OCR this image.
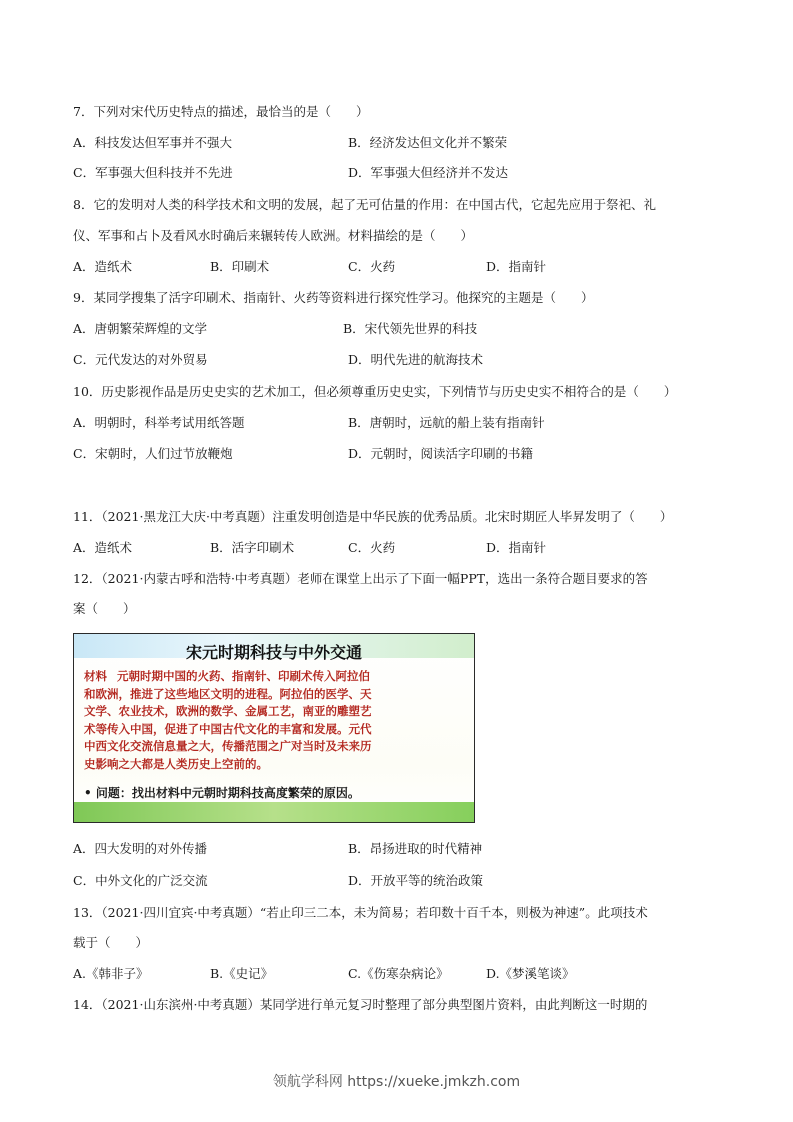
7．下列对宋代历史特点的描述，最恰当的是（　　）
A．科技发达但军事并不强大	B．经济发达但文化并不繁荣
C．军事强大但科技并不先进	D．军事强大但经济并不发达
8．它的发明对人类的科学技术和文明的发展，起了无可估量的作用：在中国古代，它起先应用于祭祀、礼
仪、军事和占卜及看风水时确后来辗转传人欧洲。材料描绘的是（　　）
A．造纸术	B．印刷术	C．火药	D．指南针
9．某同学搜集了活字印刷术、指南针、火药等资料进行探究性学习。他探究的主题是（　　）
A．唐朝繁荣辉煌的文学	B．宋代领先世界的科技
C．元代发达的对外贸易	D．明代先进的航海技术
10．历史影视作品是历史史实的艺术加工，但必须尊重历史史实，下列情节与历史史实不相符合的是（　　）
A．明朝时，科举考试用纸答题	B．唐朝时，远航的船上装有指南针
C．宋朝时，人们过节放鞭炮	D．元朝时，阅读活字印刷的书籍
11．（2021·黑龙江大庆·中考真题）注重发明创造是中华民族的优秀品质。北宋时期匠人毕昇发明了（　　）
A．造纸术	B．活字印刷术	C．火药	D．指南针
12．（2021·内蒙古呼和浩特·中考真题）老师在课堂上出示了下面一幅PPT，选出一条符合题目要求的答
案（　　）
宋元时期科技与中外交通
材料 元朝时期中国的火药、指南针、印刷术传入阿拉伯
和欧洲，推进了这些地区文明的进程。阿拉伯的医学、天
文学、农业技术，欧洲的数学、金属工艺，南亚的雕塑艺
术等传入中国，促进了中国古代文化的丰富和发展。元代
中西文化交流信息量之大，传播范围之广对当时及未来历
史影响之大都是人类历史上空前的。
• 问题：找出材料中元朝时期科技高度繁荣的原因。
A．四大发明的对外传播	B．昂扬进取的时代精神
C．中外文化的广泛交流	D．开放平等的统治政策
13．（2021·四川宜宾·中考真题）“若止印三二本，未为简易；若印数十百千本，则极为神速”。此项技术
载于（　　）
A.《韩非子》	B.《史记》	C.《伤寒杂病论》	D.《梦溪笔谈》
14．（2021·山东滨州·中考真题）某同学进行单元复习时整理了部分典型图片资料，由此判断这一时期的
领航学科网 https://xueke.jmkzh.com
